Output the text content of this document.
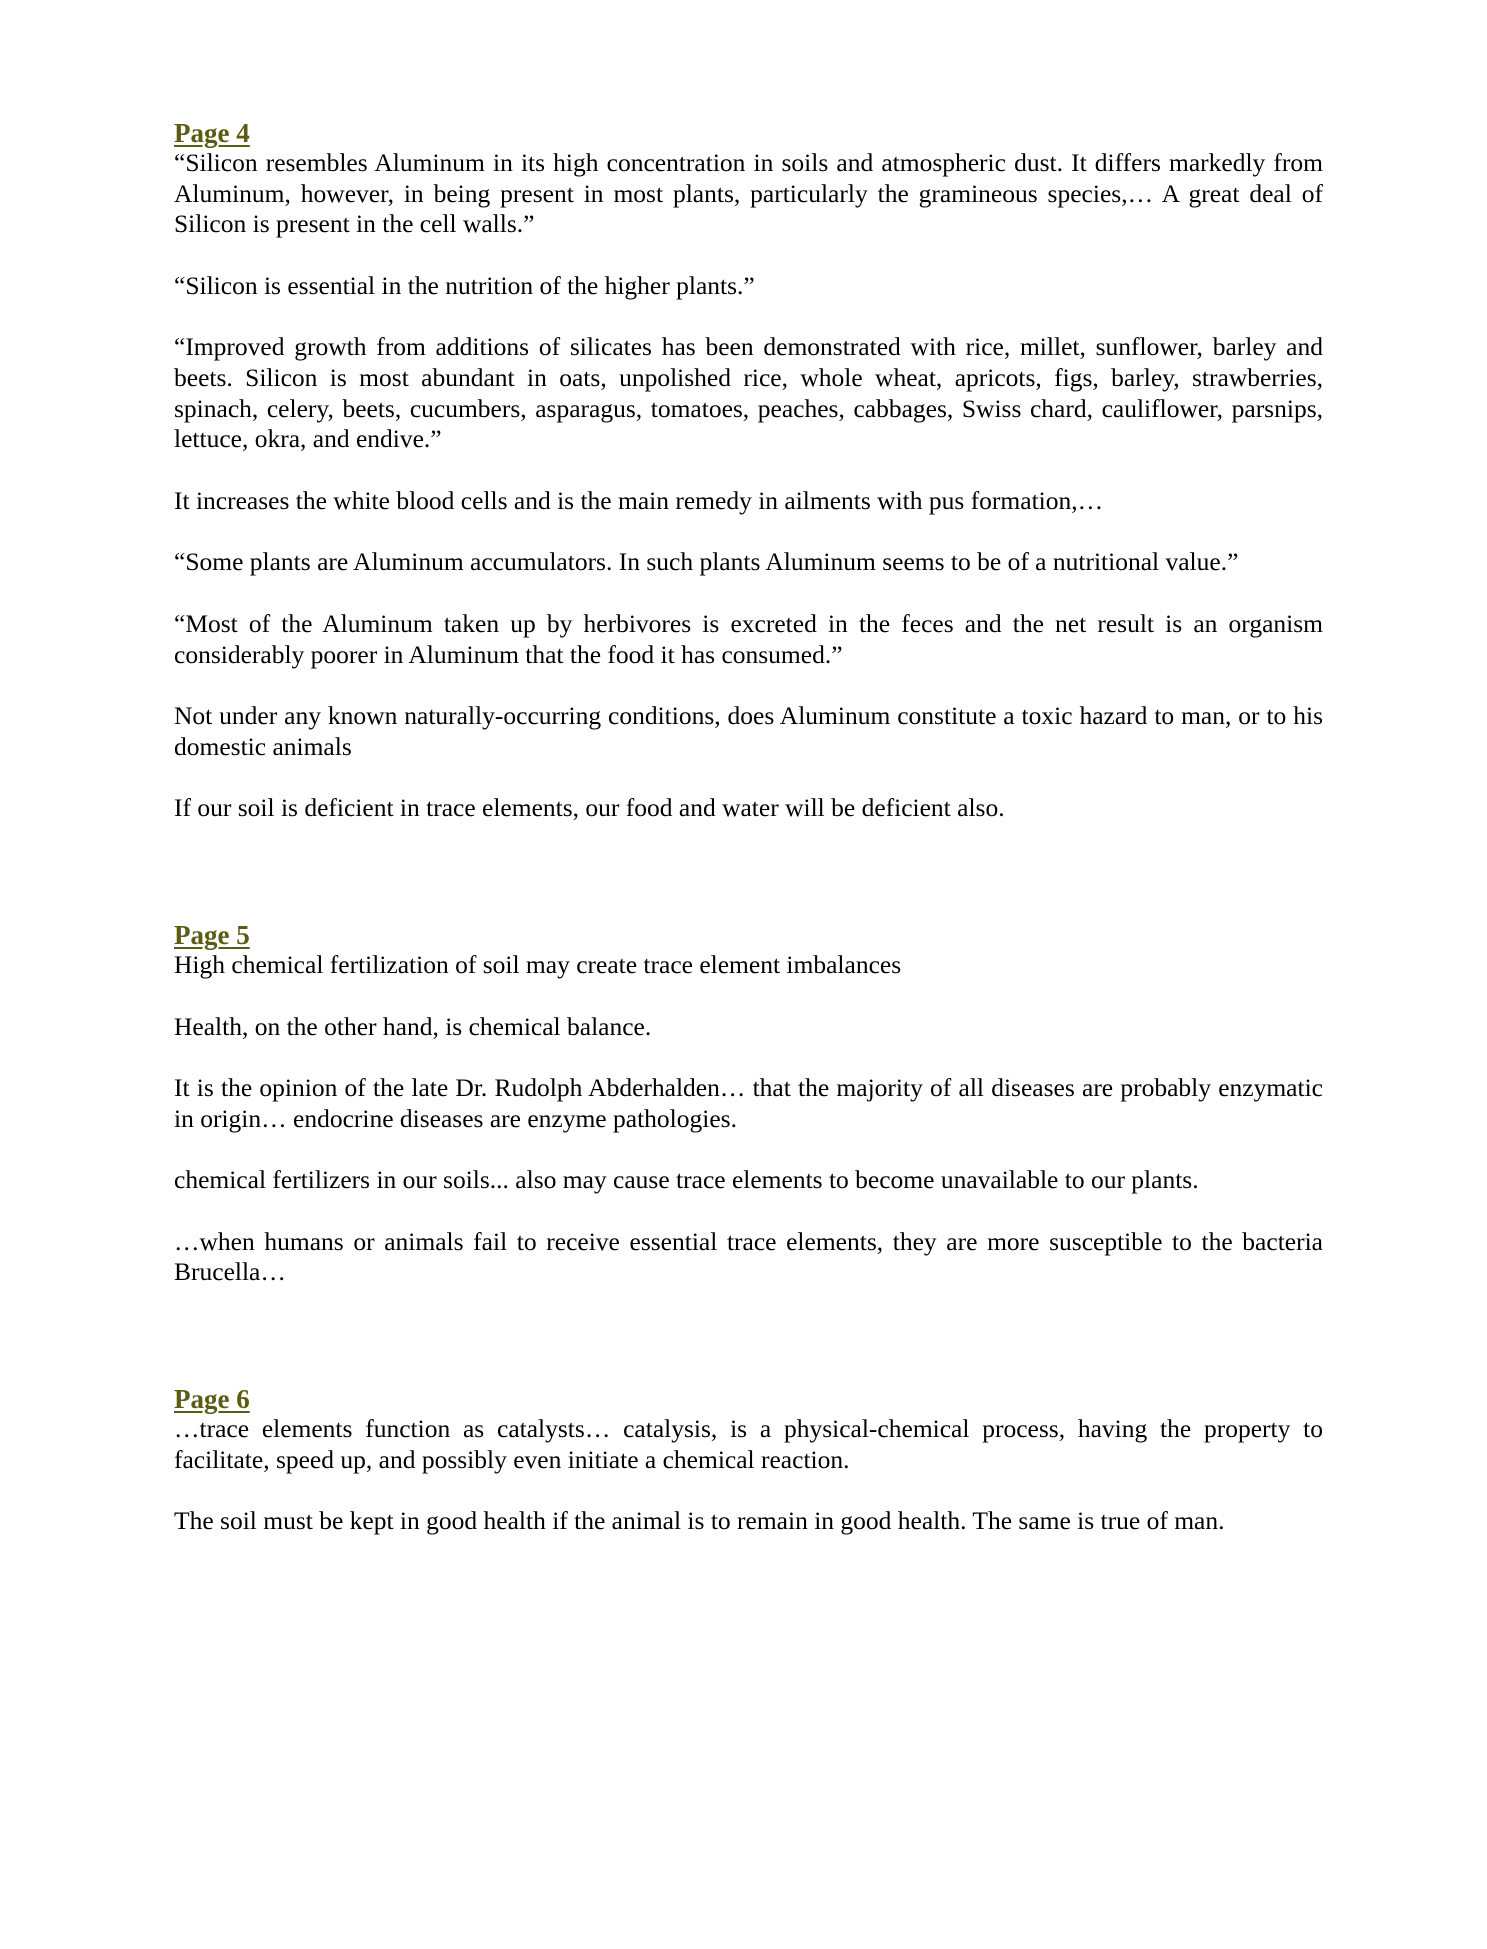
Page 4

“Silicon resembles Aluminum in its high concentration in soils and atmospheric dust. It differs markedly from Aluminum, however, in being present in most plants, particularly the gramineous species,… A great deal of Silicon is present in the cell walls.”

“Silicon is essential in the nutrition of the higher plants.”

“Improved growth from additions of silicates has been demonstrated with rice, millet, sunflower, barley and beets. Silicon is most abundant in oats, unpolished rice, whole wheat, apricots, figs, barley, strawberries, spinach, celery, beets, cucumbers, asparagus, tomatoes, peaches, cabbages, Swiss chard, cauliflower, parsnips, lettuce, okra, and endive.”

It increases the white blood cells and is the main remedy in ailments with pus formation,…

“Some plants are Aluminum accumulators. In such plants Aluminum seems to be of a nutritional value.”

“Most of the Aluminum taken up by herbivores is excreted in the feces and the net result is an organism considerably poorer in Aluminum that the food it has consumed.”

Not under any known naturally-occurring conditions, does Aluminum constitute a toxic hazard to man, or to his domestic animals

If our soil is deficient in trace elements, our food and water will be deficient also.

Page 5

High chemical fertilization of soil may create trace element imbalances

Health, on the other hand, is chemical balance.

It is the opinion of the late Dr. Rudolph Abderhalden… that the majority of all diseases are probably enzymatic in origin… endocrine diseases are enzyme pathologies.

chemical fertilizers in our soils... also may cause trace elements to become unavailable to our plants.

…when humans or animals fail to receive essential trace elements, they are more susceptible to the bacteria Brucella…

Page 6

…trace elements function as catalysts… catalysis, is a physical-chemical process, having the property to facilitate, speed up, and possibly even initiate a chemical reaction.

The soil must be kept in good health if the animal is to remain in good health. The same is true of man.
